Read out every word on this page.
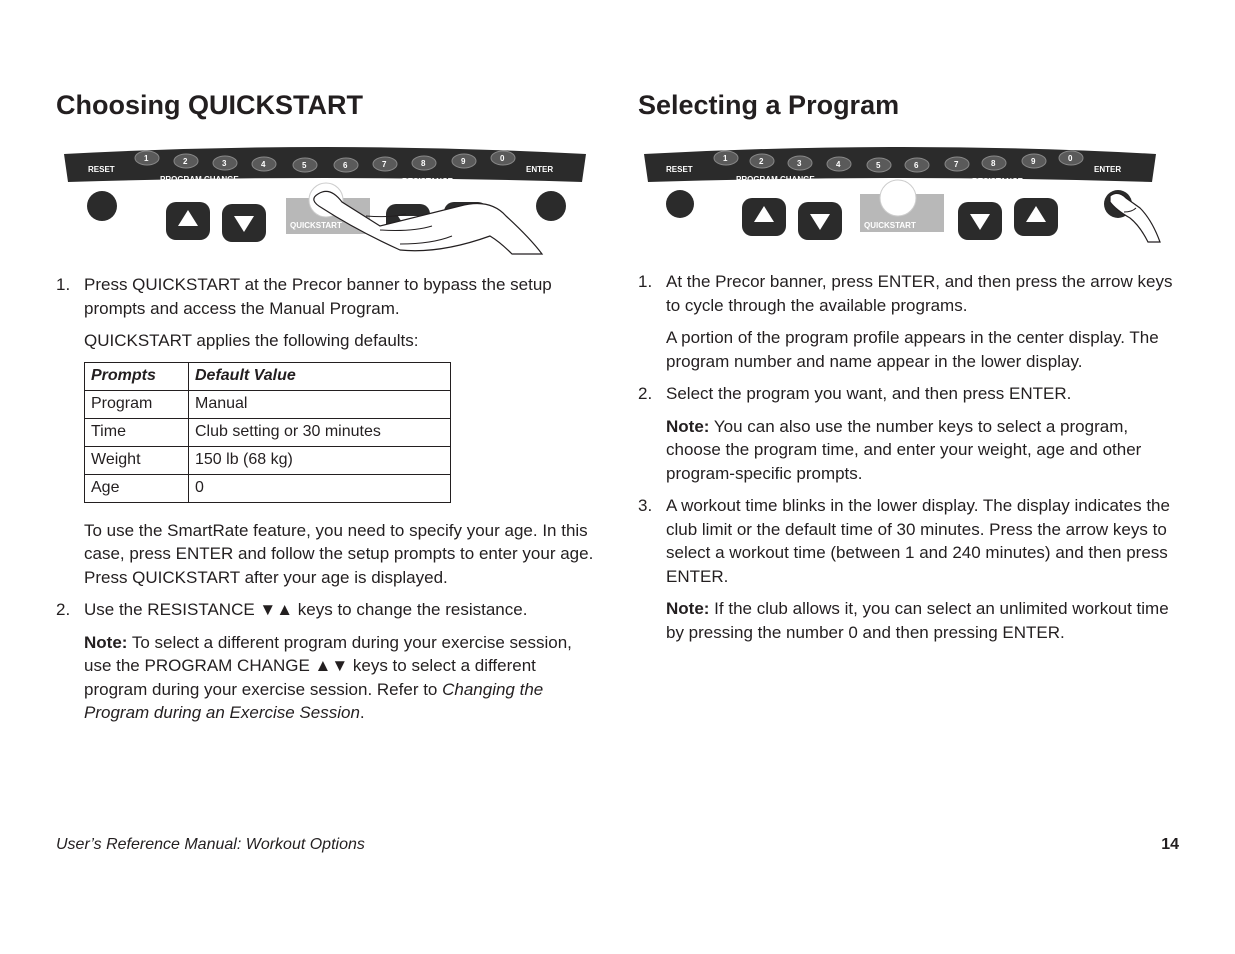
Choosing QUICKSTART
1	2	3	4	5	6	7	8	9	0
RESET
PROGRAM CHANGE	RESISTANCE
ENTER
QUICKSTART
1. Press QUICKSTART at the Precor banner to bypass the setup prompts and access the Manual Program.

QUICKSTART applies the following defaults:

Prompts	Default Value
Program	Manual
Time	Club setting or 30 minutes
Weight	150 lb (68 kg)
Age	0

To use the SmartRate feature, you need to specify your age. In this case, press ENTER and follow the setup prompts to enter your age. Press QUICKSTART after your age is displayed.

2. Use the RESISTANCE ▼▲ keys to change the resistance.

Note: To select a different program during your exercise session, use the PROGRAM CHANGE ▲▼ keys to select a different program during your exercise session. Refer to Changing the Program during an Exercise Session.

Selecting a Program
1	2	3	4	5	6	7	8	9	0
RESET
PROGRAM CHANGE	RESISTANCE
ENTER
QUICKSTART
1. At the Precor banner, press ENTER, and then press the arrow keys to cycle through the available programs.

A portion of the program profile appears in the center display. The program number and name appear in the lower display.

2. Select the program you want, and then press ENTER.

Note: You can also use the number keys to select a program, choose the program time, and enter your weight, age and other program-specific prompts.

3. A workout time blinks in the lower display. The display indicates the club limit or the default time of 30 minutes. Press the arrow keys to select a workout time (between 1 and 240 minutes) and then press ENTER.

Note: If the club allows it, you can select an unlimited workout time by pressing the number 0 and then pressing ENTER.

User’s Reference Manual: Workout Options	14
